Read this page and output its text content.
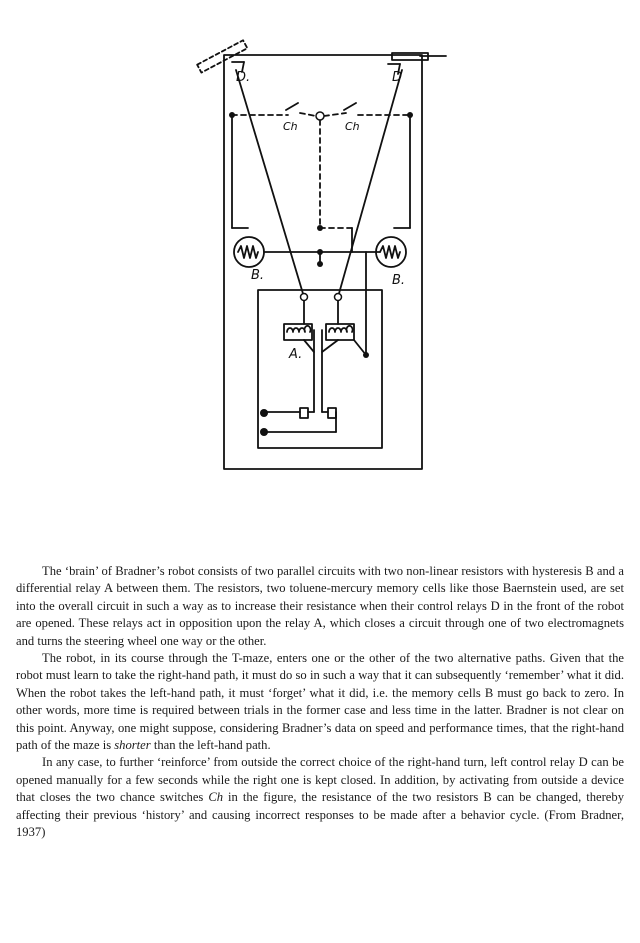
D.	D
Ch	Ch
B.	B.
A.

The ‘brain’ of Bradner’s robot consists of two parallel circuits with two non-linear resistors with hysteresis B and a differential relay A between them. The resistors, two toluene-mercury memory cells like those Baernstein used, are set into the overall circuit in such a way as to increase their resistance when their control relays D in the front of the robot are opened. These relays act in opposition upon the relay A, which closes a circuit through one of two electromagnets and turns the steering wheel one way or the other.

The robot, in its course through the T-maze, enters one or the other of the two alternative paths. Given that the robot must learn to take the right-hand path, it must do so in such a way that it can subsequently ‘remember’ what it did. When the robot takes the left-hand path, it must ‘forget’ what it did, i.e. the memory cells B must go back to zero. In other words, more time is required between trials in the former case and less time in the latter. Bradner is not clear on this point. Anyway, one might suppose, considering Bradner’s data on speed and performance times, that the right-hand path of the maze is shorter than the left-hand path.

In any case, to further ‘reinforce’ from outside the correct choice of the right-hand turn, left control relay D can be opened manually for a few seconds while the right one is kept closed. In addition, by activating from outside a device that closes the two chance switches Ch in the figure, the resistance of the two resistors B can be changed, thereby affecting their previous ‘history’ and causing incorrect responses to be made after a behavior cycle. (From Bradner, 1937)
